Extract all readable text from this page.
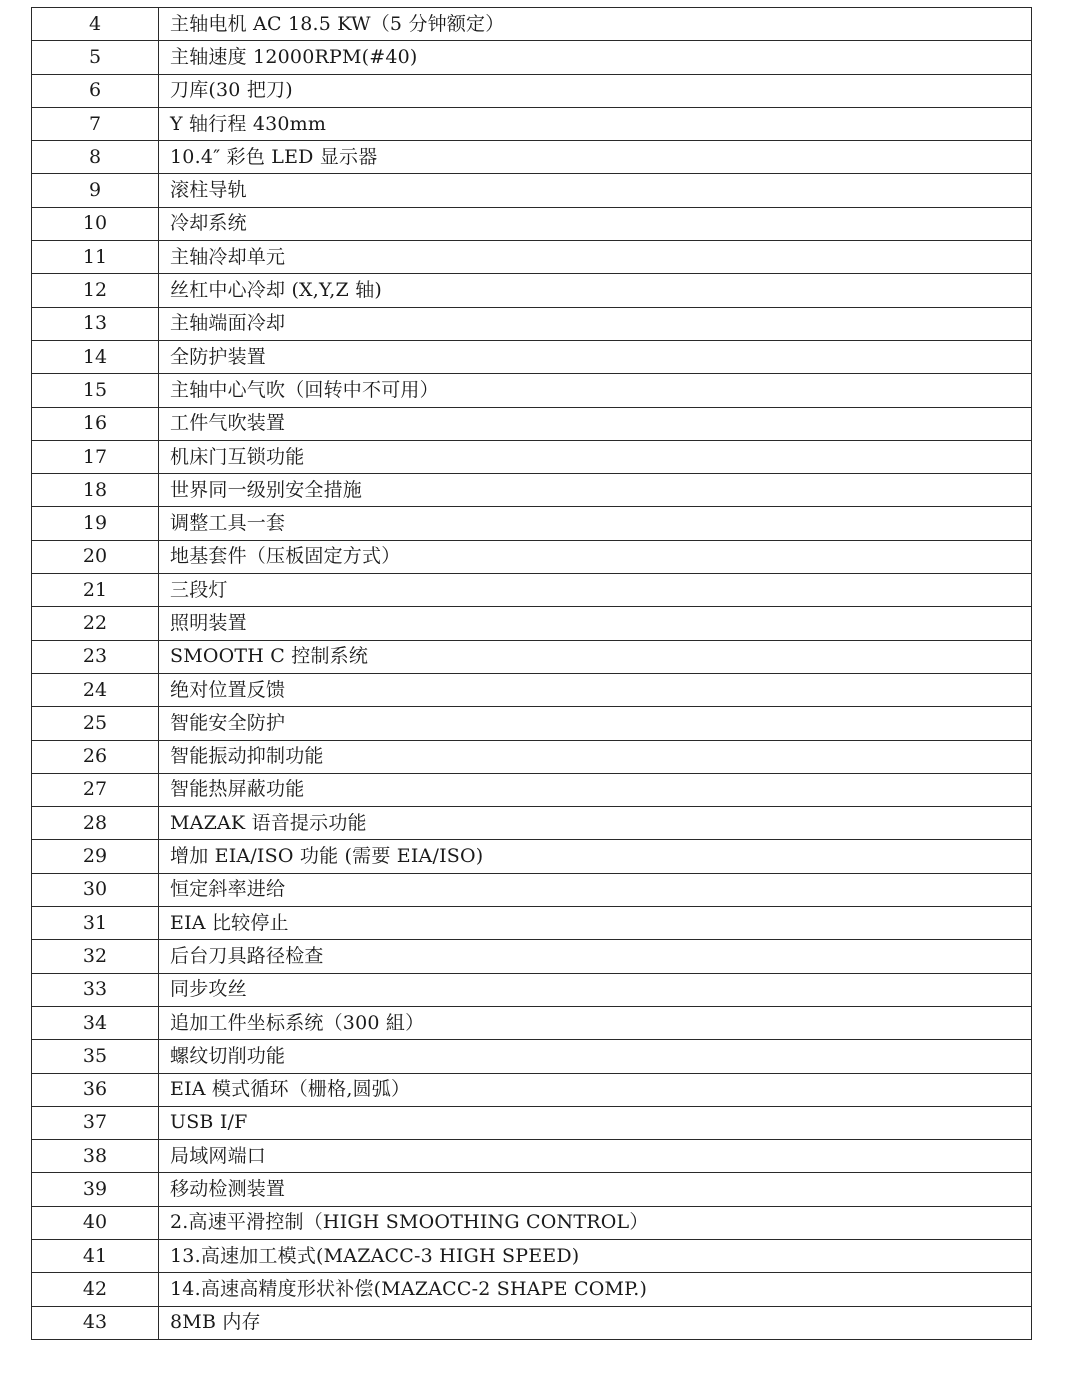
4	主轴电机 AC 18.5 KW（5 分钟额定）
5	主轴速度 12000RPM(#40)
6	刀库(30 把刀)
7	Y 轴行程 430mm
8	10.4″ 彩色 LED 显示器
9	滚柱导轨
10	冷却系统
11	主轴冷却单元
12	丝杠中心冷却 (X,Y,Z 轴)
13	主轴端面冷却
14	全防护装置
15	主轴中心气吹（回转中不可用）
16	工件气吹装置
17	机床门互锁功能
18	世界同一级别安全措施
19	调整工具一套
20	地基套件（压板固定方式）
21	三段灯
22	照明装置
23	SMOOTH C 控制系统
24	绝对位置反馈
25	智能安全防护
26	智能振动抑制功能
27	智能热屏蔽功能
28	MAZAK 语音提示功能
29	增加 EIA/ISO 功能 (需要 EIA/ISO)
30	恒定斜率进给
31	EIA 比较停止
32	后台刀具路径检查
33	同步攻丝
34	追加工件坐标系统（300 組）
35	螺纹切削功能
36	EIA 模式循环（栅格,圆弧）
37	USB I/F
38	局域网端口
39	移动检测装置
40	2.高速平滑控制（HIGH SMOOTHING CONTROL）
41	13.高速加工模式(MAZACC-3 HIGH SPEED)
42	14.高速高精度形状补偿(MAZACC-2 SHAPE COMP.)
43	8MB 内存
